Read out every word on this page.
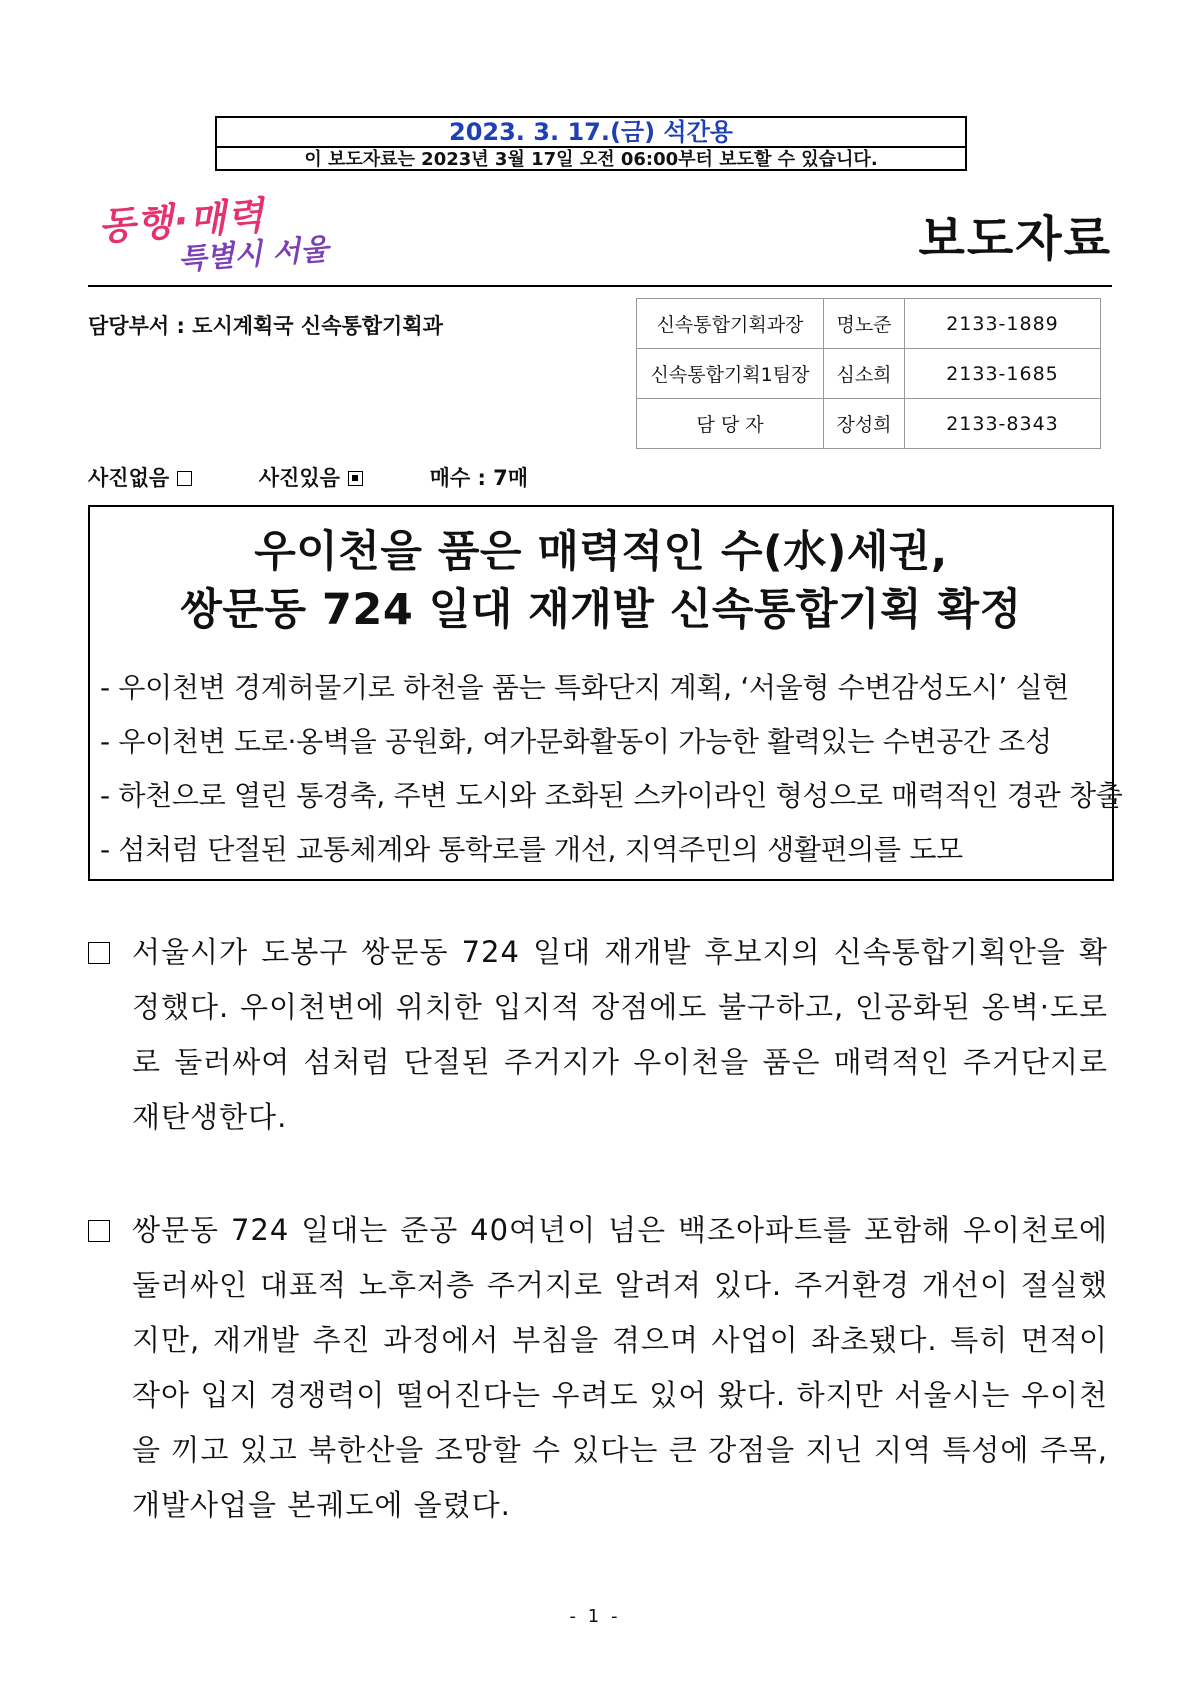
2023. 3. 17.(금) 석간용
이 보도자료는 2023년 3월 17일 오전 06:00부터 보도할 수 있습니다.
동행·매력
특별시 서울	보도자료
담당부서 : 도시계획국 신속통합기획과	신속통합기획과장	명노준	2133-1889
신속통합기획1팀장	심소희	2133-1685
담 당 자	장성희	2133-8343
사진없음	사진있음	매수 : 7매
우이천을 품은 매력적인 수(水)세권,
쌍문동 724 일대 재개발 신속통합기획 확정
- 우이천변 경계허물기로 하천을 품는 특화단지 계획, ‘서울형 수변감성도시’ 실현
- 우이천변 도로·옹벽을 공원화, 여가문화활동이 가능한 활력있는 수변공간 조성
- 하천으로 열린 통경축, 주변 도시와 조화된 스카이라인 형성으로 매력적인 경관 창출
- 섬처럼 단절된 교통체계와 통학로를 개선, 지역주민의 생활편의를 도모
서울시가 도봉구 쌍문동 724 일대 재개발 후보지의 신속통합기획안을 확정했다. 우이천변에 위치한 입지적 장점에도 불구하고, 인공화된 옹벽·도로로 둘러싸여 섬처럼 단절된 주거지가 우이천을 품은 매력적인 주거단지로 재탄생한다.
쌍문동 724 일대는 준공 40여년이 넘은 백조아파트를 포함해 우이천로에 둘러싸인 대표적 노후저층 주거지로 알려져 있다. 주거환경 개선이 절실했지만, 재개발 추진 과정에서 부침을 겪으며 사업이 좌초됐다. 특히 면적이 작아 입지 경쟁력이 떨어진다는 우려도 있어 왔다. 하지만 서울시는 우이천을 끼고 있고 북한산을 조망할 수 있다는 큰 강점을 지닌 지역 특성에 주목, 개발사업을 본궤도에 올렸다.
- 1 -
